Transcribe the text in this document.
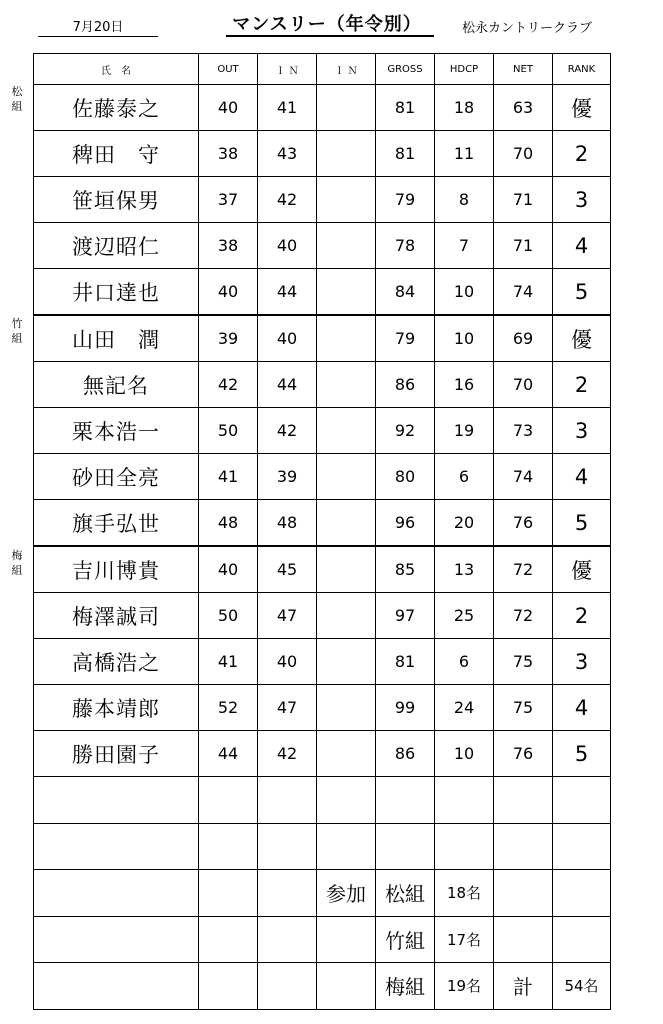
7月20日	マンスリー（年令別）	松永カントリークラブ
松
組
竹
組
梅
組
氏　名	OUT	Ｉ Ｎ	Ｉ Ｎ	GROSS	HDCP	NET	RANK
佐藤泰之	40	41		81	18	63	優
稗田　守	38	43		81	11	70	2
笹垣保男	37	42		79	8	71	3
渡辺昭仁	38	40		78	7	71	4
井口達也	40	44		84	10	74	5
山田　潤	39	40		79	10	69	優
無記名	42	44		86	16	70	2
栗本浩一	50	42		92	19	73	3
砂田全亮	41	39		80	6	74	4
旗手弘世	48	48		96	20	76	5
吉川博貴	40	45		85	13	72	優
梅澤誠司	50	47		97	25	72	2
高橋浩之	41	40		81	6	75	3
藤本靖郎	52	47		99	24	75	4
勝田園子	44	42		86	10	76	5

			参加	松組	18名		
				竹組	17名		
				梅組	19名	計	54名
